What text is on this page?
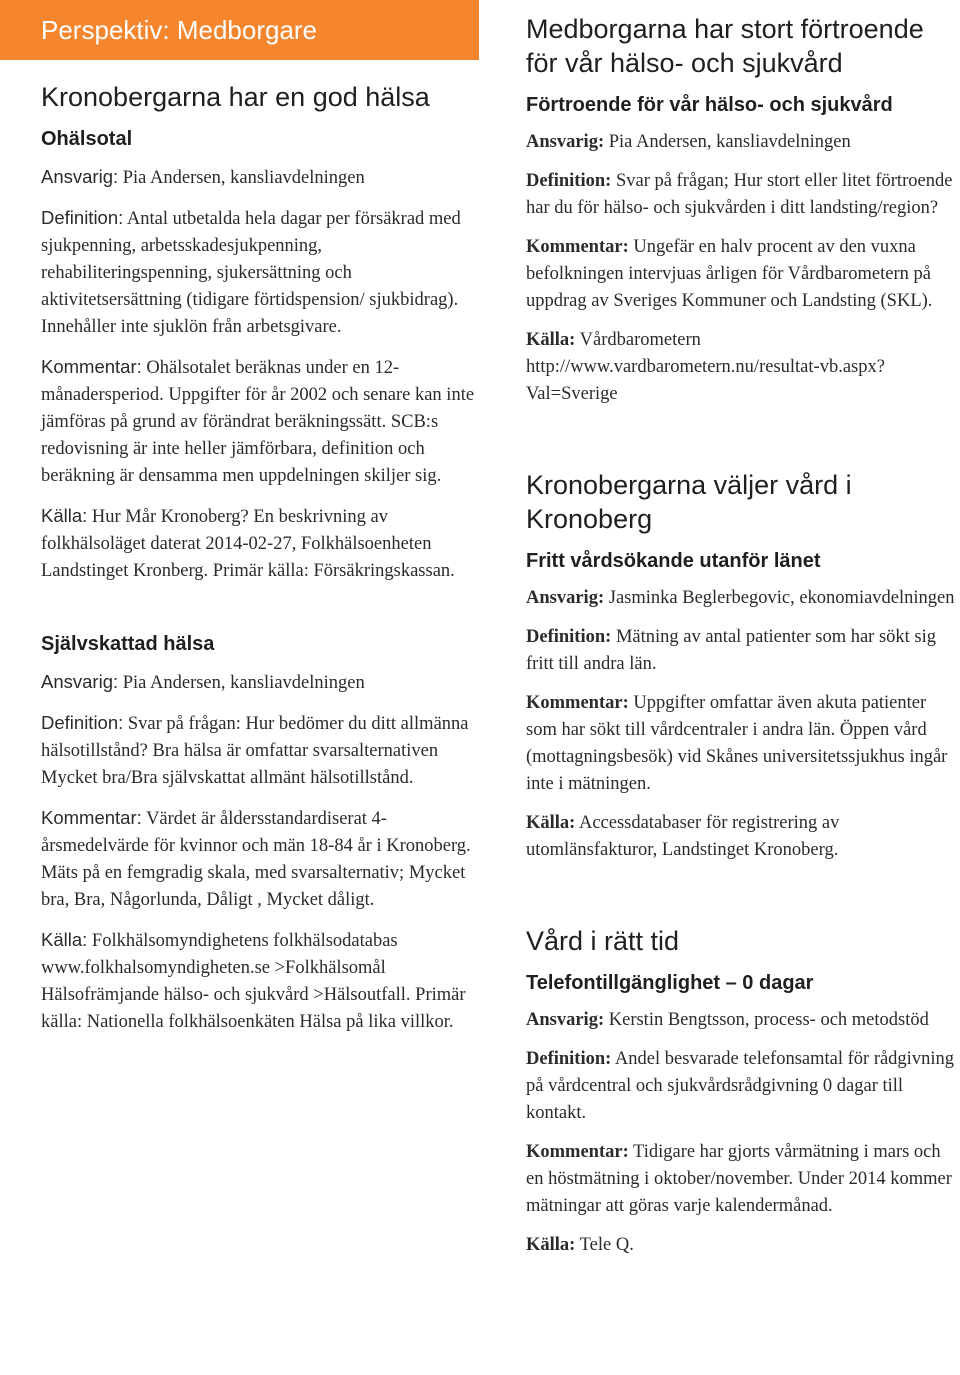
Perspektiv: Medborgare
Kronobergarna har en god hälsa
Ohälsotal

Ansvarig: Pia Andersen, kansliavdelningen

Definition: Antal utbetalda hela dagar per försäkrad med sjukpenning, arbetsskadesjukpenning, rehabiliteringspenning, sjukersättning och aktivitetsersättning (tidigare förtidspension/ sjukbidrag). Innehåller inte sjuklön från arbetsgivare.

Kommentar: Ohälsotalet beräknas under en 12-månadersperiod. Uppgifter för år 2002 och senare kan inte jämföras på grund av förändrat beräkningssätt. SCB:s redovisning är inte heller jämförbara, definition och beräkning är densamma men uppdelningen skiljer sig.

Källa: Hur Mår Kronoberg? En beskrivning av folkhälsoläget daterat 2014-02-27, Folkhälsoenheten Landstinget Kronberg. Primär källa: Försäkringskassan.

Självskattad hälsa

Ansvarig: Pia Andersen, kansliavdelningen

Definition: Svar på frågan: Hur bedömer du ditt allmänna hälsotillstånd? Bra hälsa är omfattar svarsalternativen Mycket bra/Bra självskattat allmänt hälsotillstånd.

Kommentar: Värdet är åldersstandardiserat 4-årsmedelvärde för kvinnor och män 18-84 år i Kronoberg. Mäts på en femgradig skala, med svarsalternativ; Mycket bra, Bra, Någorlunda, Dåligt , Mycket dåligt.

Källa: Folkhälsomyndighetens folkhälsodatabas www.folkhalsomyndigheten.se >Folkhälsomål Hälsofrämjande hälso- och sjukvård >Hälsoutfall. Primär källa: Nationella folkhälsoenkäten Hälsa på lika villkor.

Medborgarna har stort förtroende för vår hälso- och sjukvård
Förtroende för vår hälso- och sjukvård

Ansvarig: Pia Andersen, kansliavdelningen

Definition: Svar på frågan; Hur stort eller litet förtroende har du för hälso- och sjukvården i ditt landsting/region?

Kommentar: Ungefär en halv procent av den vuxna befolkningen intervjuas årligen för Vårdbarometern på uppdrag av Sveriges Kommuner och Landsting (SKL).

Källa: Vårdbarometern http://www.vardbarometern.nu/resultat-vb.aspx?Val=Sverige

Kronobergarna väljer vård i Kronoberg
Fritt vårdsökande utanför länet

Ansvarig: Jasminka Beglerbegovic, ekonomiavdelningen

Definition: Mätning av antal patienter som har sökt sig fritt till andra län.

Kommentar: Uppgifter omfattar även akuta patienter som har sökt till vårdcentraler i andra län. Öppen vård (mottagningsbesök) vid Skånes universitetssjukhus ingår inte i mätningen.

Källa: Accessdatabaser för registrering av utomlänsfakturor, Landstinget Kronoberg.

Vård i rätt tid
Telefontillgänglighet – 0 dagar

Ansvarig: Kerstin Bengtsson, process- och metodstöd

Definition: Andel besvarade telefonsamtal för rådgivning på vårdcentral och sjukvårdsrådgivning 0 dagar till kontakt.

Kommentar: Tidigare har gjorts vårmätning i mars och en höstmätning i oktober/november. Under 2014 kommer mätningar att göras varje kalendermånad.

Källa: Tele Q.
